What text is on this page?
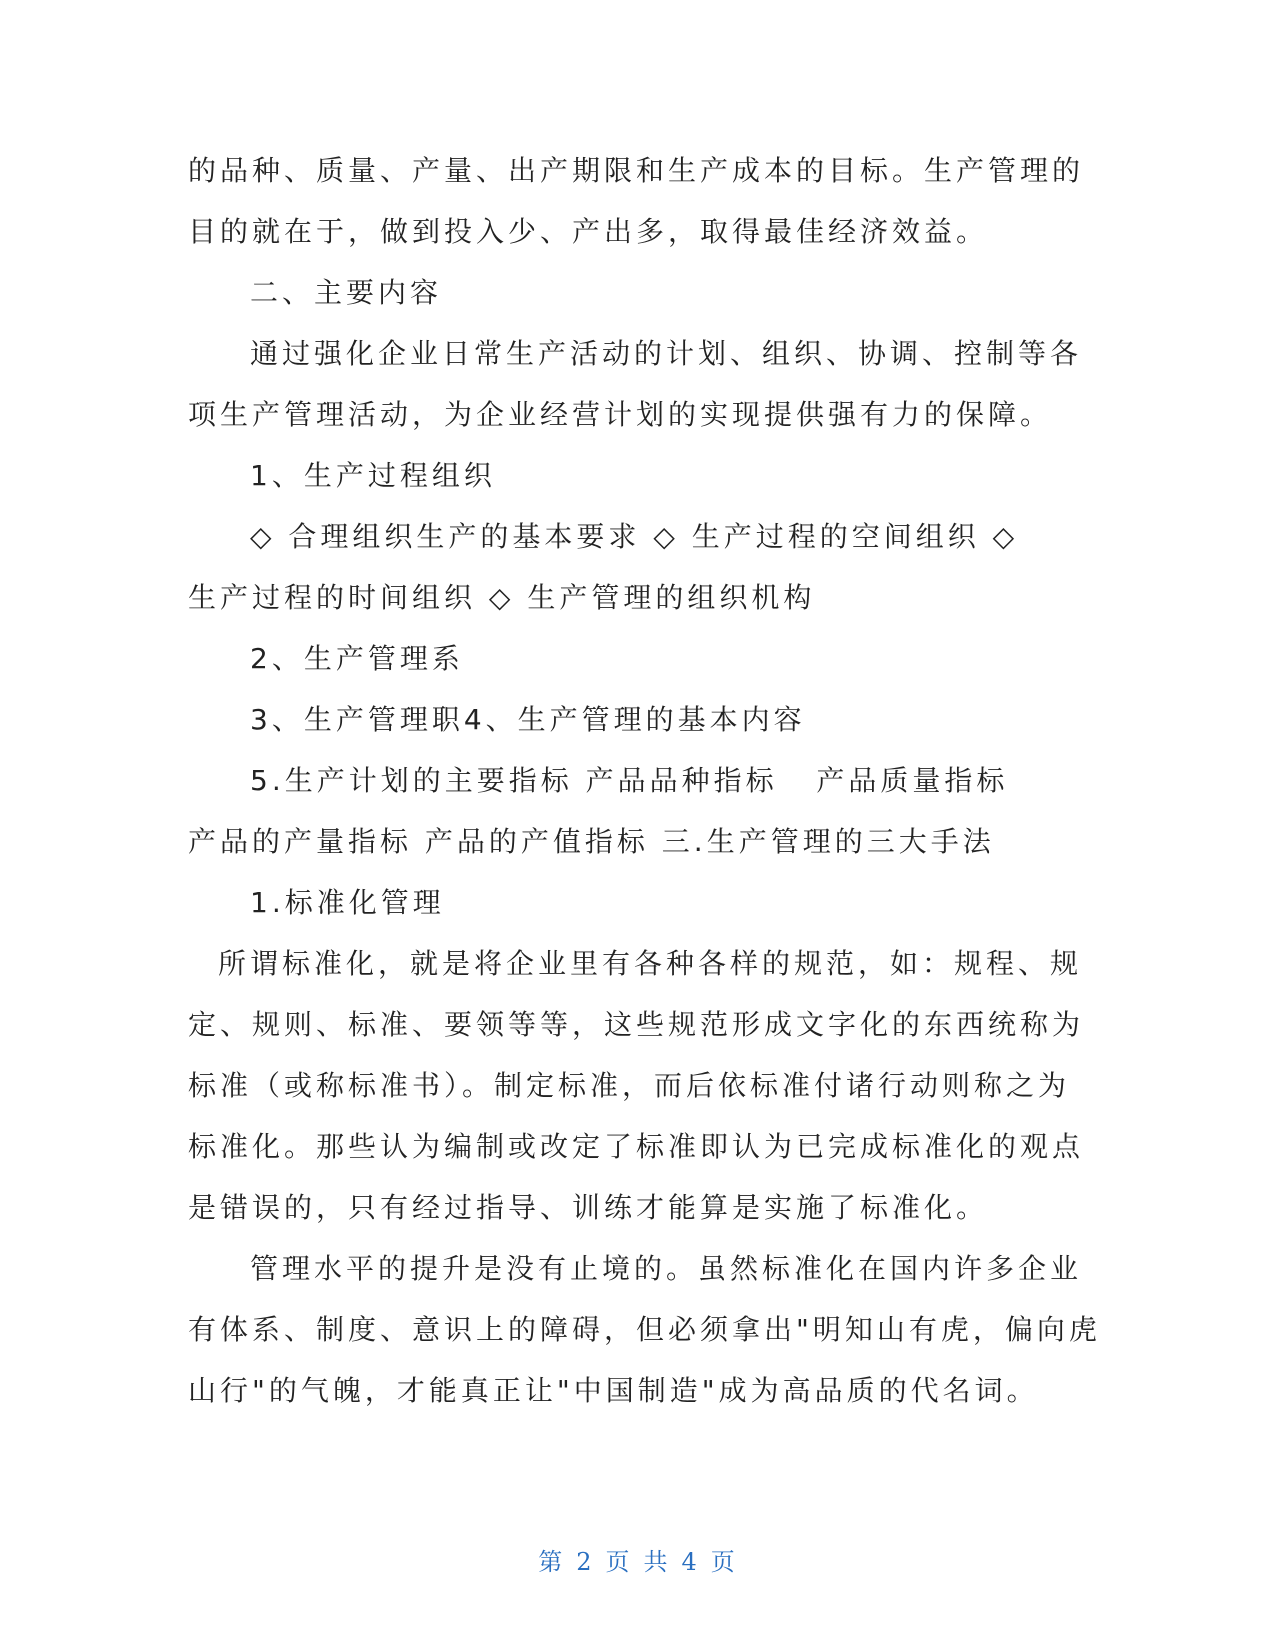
的品种、质量、产量、出产期限和生产成本的目标。生产管理的

目的就在于，做到投入少、产出多，取得最佳经济效益。

二、主要内容

通过强化企业日常生产活动的计划、组织、协调、控制等各

项生产管理活动，为企业经营计划的实现提供强有力的保障。

1、生产过程组织

◇ 合理组织生产的基本要求 ◇ 生产过程的空间组织 ◇

生产过程的时间组织 ◇ 生产管理的组织机构

2、生产管理系

3、生产管理职4、生产管理的基本内容

5.生产计划的主要指标 产品品种指标   产品质量指标

产品的产量指标 产品的产值指标 三.生产管理的三大手法

1.标准化管理

所谓标准化，就是将企业里有各种各样的规范，如：规程、规

定、规则、标准、要领等等，这些规范形成文字化的东西统称为

标准（或称标准书）。制定标准，而后依标准付诸行动则称之为

标准化。那些认为编制或改定了标准即认为已完成标准化的观点

是错误的，只有经过指导、训练才能算是实施了标准化。

管理水平的提升是没有止境的。虽然标准化在国内许多企业

有体系、制度、意识上的障碍，但必须拿出"明知山有虎，偏向虎

山行"的气魄，才能真正让"中国制造"成为高品质的代名词。

第 2 页 共 4 页
